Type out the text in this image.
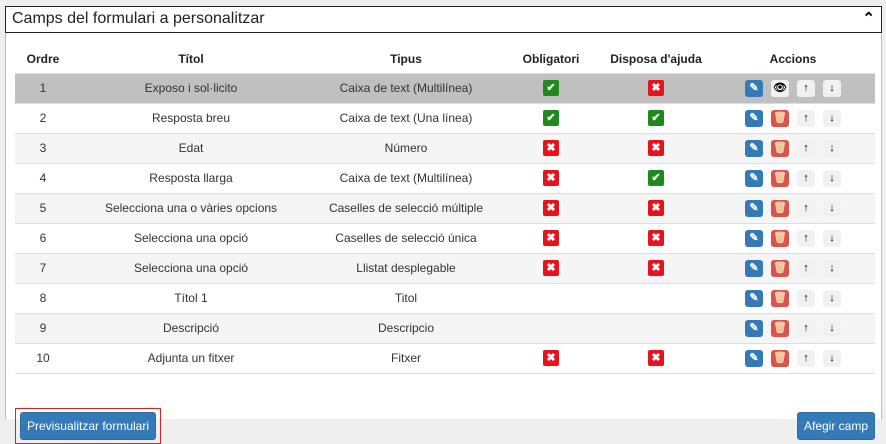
Camps del formulari a personalitzar	⌃
Ordre	Títol	Tipus	Obligatori	Disposa d'ajuda	Accions
1	Exposo i sol·licito	Caixa de text (Multilínea)	✔	✖	✎ 👁 ↑ ↓
2	Resposta breu	Caixa de text (Una línea)	✔	✔	✎ 🗑 ↑ ↓
3	Edat	Número	✖	✖	✎ 🗑 ↑ ↓
4	Resposta llarga	Caixa de text (Multilínea)	✖	✔	✎ 🗑 ↑ ↓
5	Selecciona una o vàries opcions	Caselles de selecció múltiple	✖	✖	✎ 🗑 ↑ ↓
6	Selecciona una opció	Caselles de selecció única	✖	✖	✎ 🗑 ↑ ↓
7	Selecciona una opció	Llistat desplegable	✖	✖	✎ 🗑 ↑ ↓
8	Títol 1	Titol			✎ 🗑 ↑ ↓
9	Descripció	Descripcio			✎ 🗑 ↑ ↓
10	Adjunta un fitxer	Fitxer	✖	✖	✎ 🗑 ↑ ↓
Previsualitzar formulari	Afegir camp
